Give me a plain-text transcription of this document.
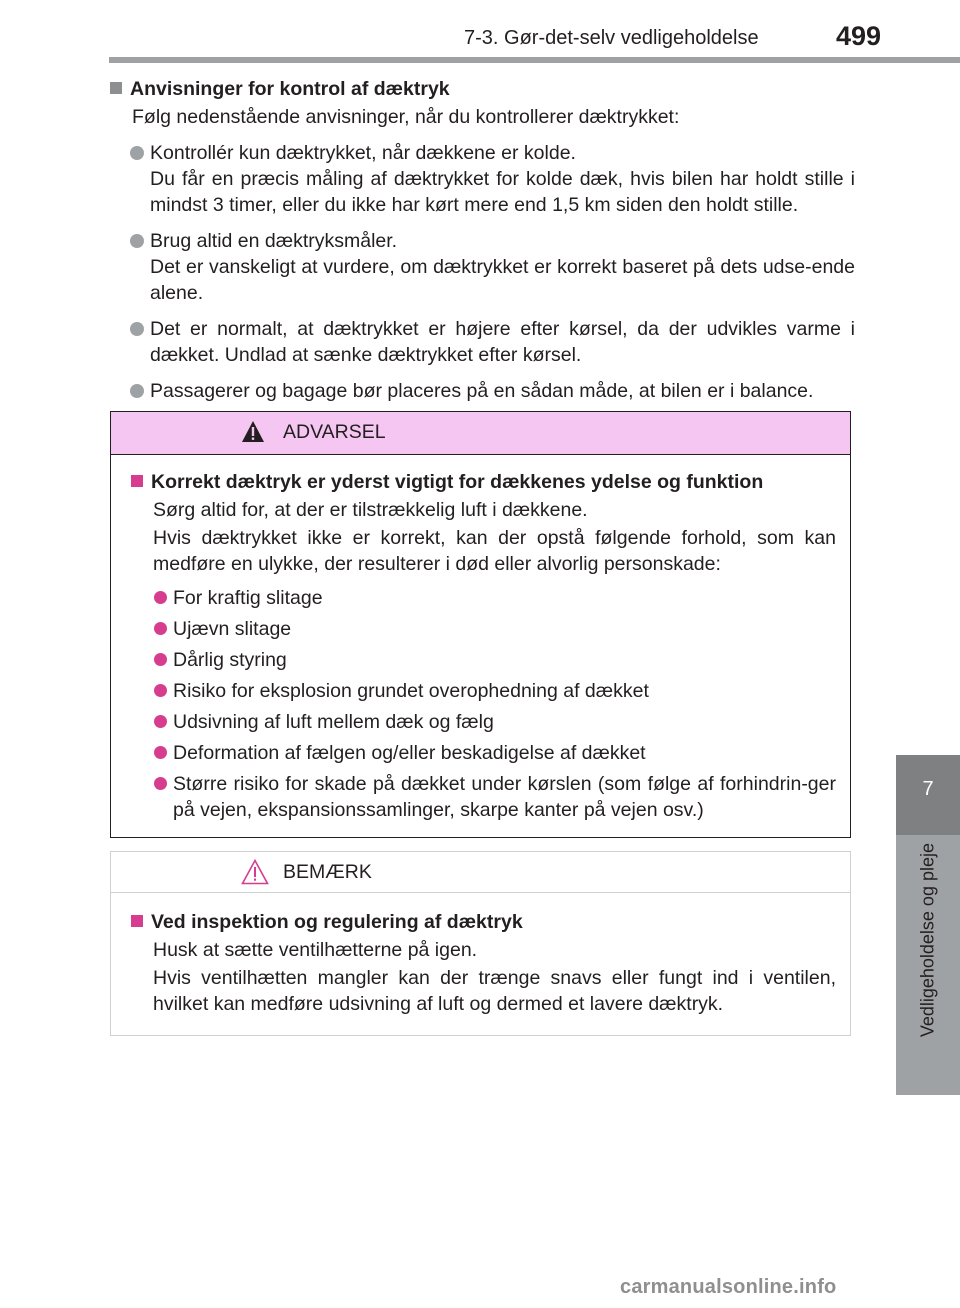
7-3. Gør-det-selv vedligeholdelse	499
7
Vedligeholdelse og pleje
Anvisninger for kontrol af dæktryk
Følg nedenstående anvisninger, når du kontrollerer dæktrykket:

Kontrollér kun dæktrykket, når dækkene er kolde.

Du får en præcis måling af dæktrykket for kolde dæk, hvis bilen har holdt stille i mindst 3 timer, eller du ikke har kørt mere end 1,5 km siden den holdt stille.

Brug altid en dæktryksmåler.

Det er vanskeligt at vurdere, om dæktrykket er korrekt baseret på dets udse-ende alene.

Det er normalt, at dæktrykket er højere efter kørsel, da der udvikles varme i dækket. Undlad at sænke dæktrykket efter kørsel.

Passagerer og bagage bør placeres på en sådan måde, at bilen er i balance.

ADVARSEL
Korrekt dæktryk er yderst vigtigt for dækkenes ydelse og funktion
Sørg altid for, at der er tilstrækkelig luft i dækkene.
Hvis dæktrykket ikke er korrekt, kan der opstå følgende forhold, som kan medføre en ulykke, der resulterer i død eller alvorlig personskade:

For kraftig slitage

Ujævn slitage

Dårlig styring

Risiko for eksplosion grundet overophedning af dækket

Udsivning af luft mellem dæk og fælg

Deformation af fælgen og/eller beskadigelse af dækket

Større risiko for skade på dækket under kørslen (som følge af forhindrin-ger på vejen, ekspansionssamlinger, skarpe kanter på vejen osv.)

BEMÆRK
Ved inspektion og regulering af dæktryk
Husk at sætte ventilhætterne på igen.
Hvis ventilhætten mangler kan der trænge snavs eller fungt ind i ventilen, hvilket kan medføre udsivning af luft og dermed et lavere dæktryk.
carmanualsonline.info
